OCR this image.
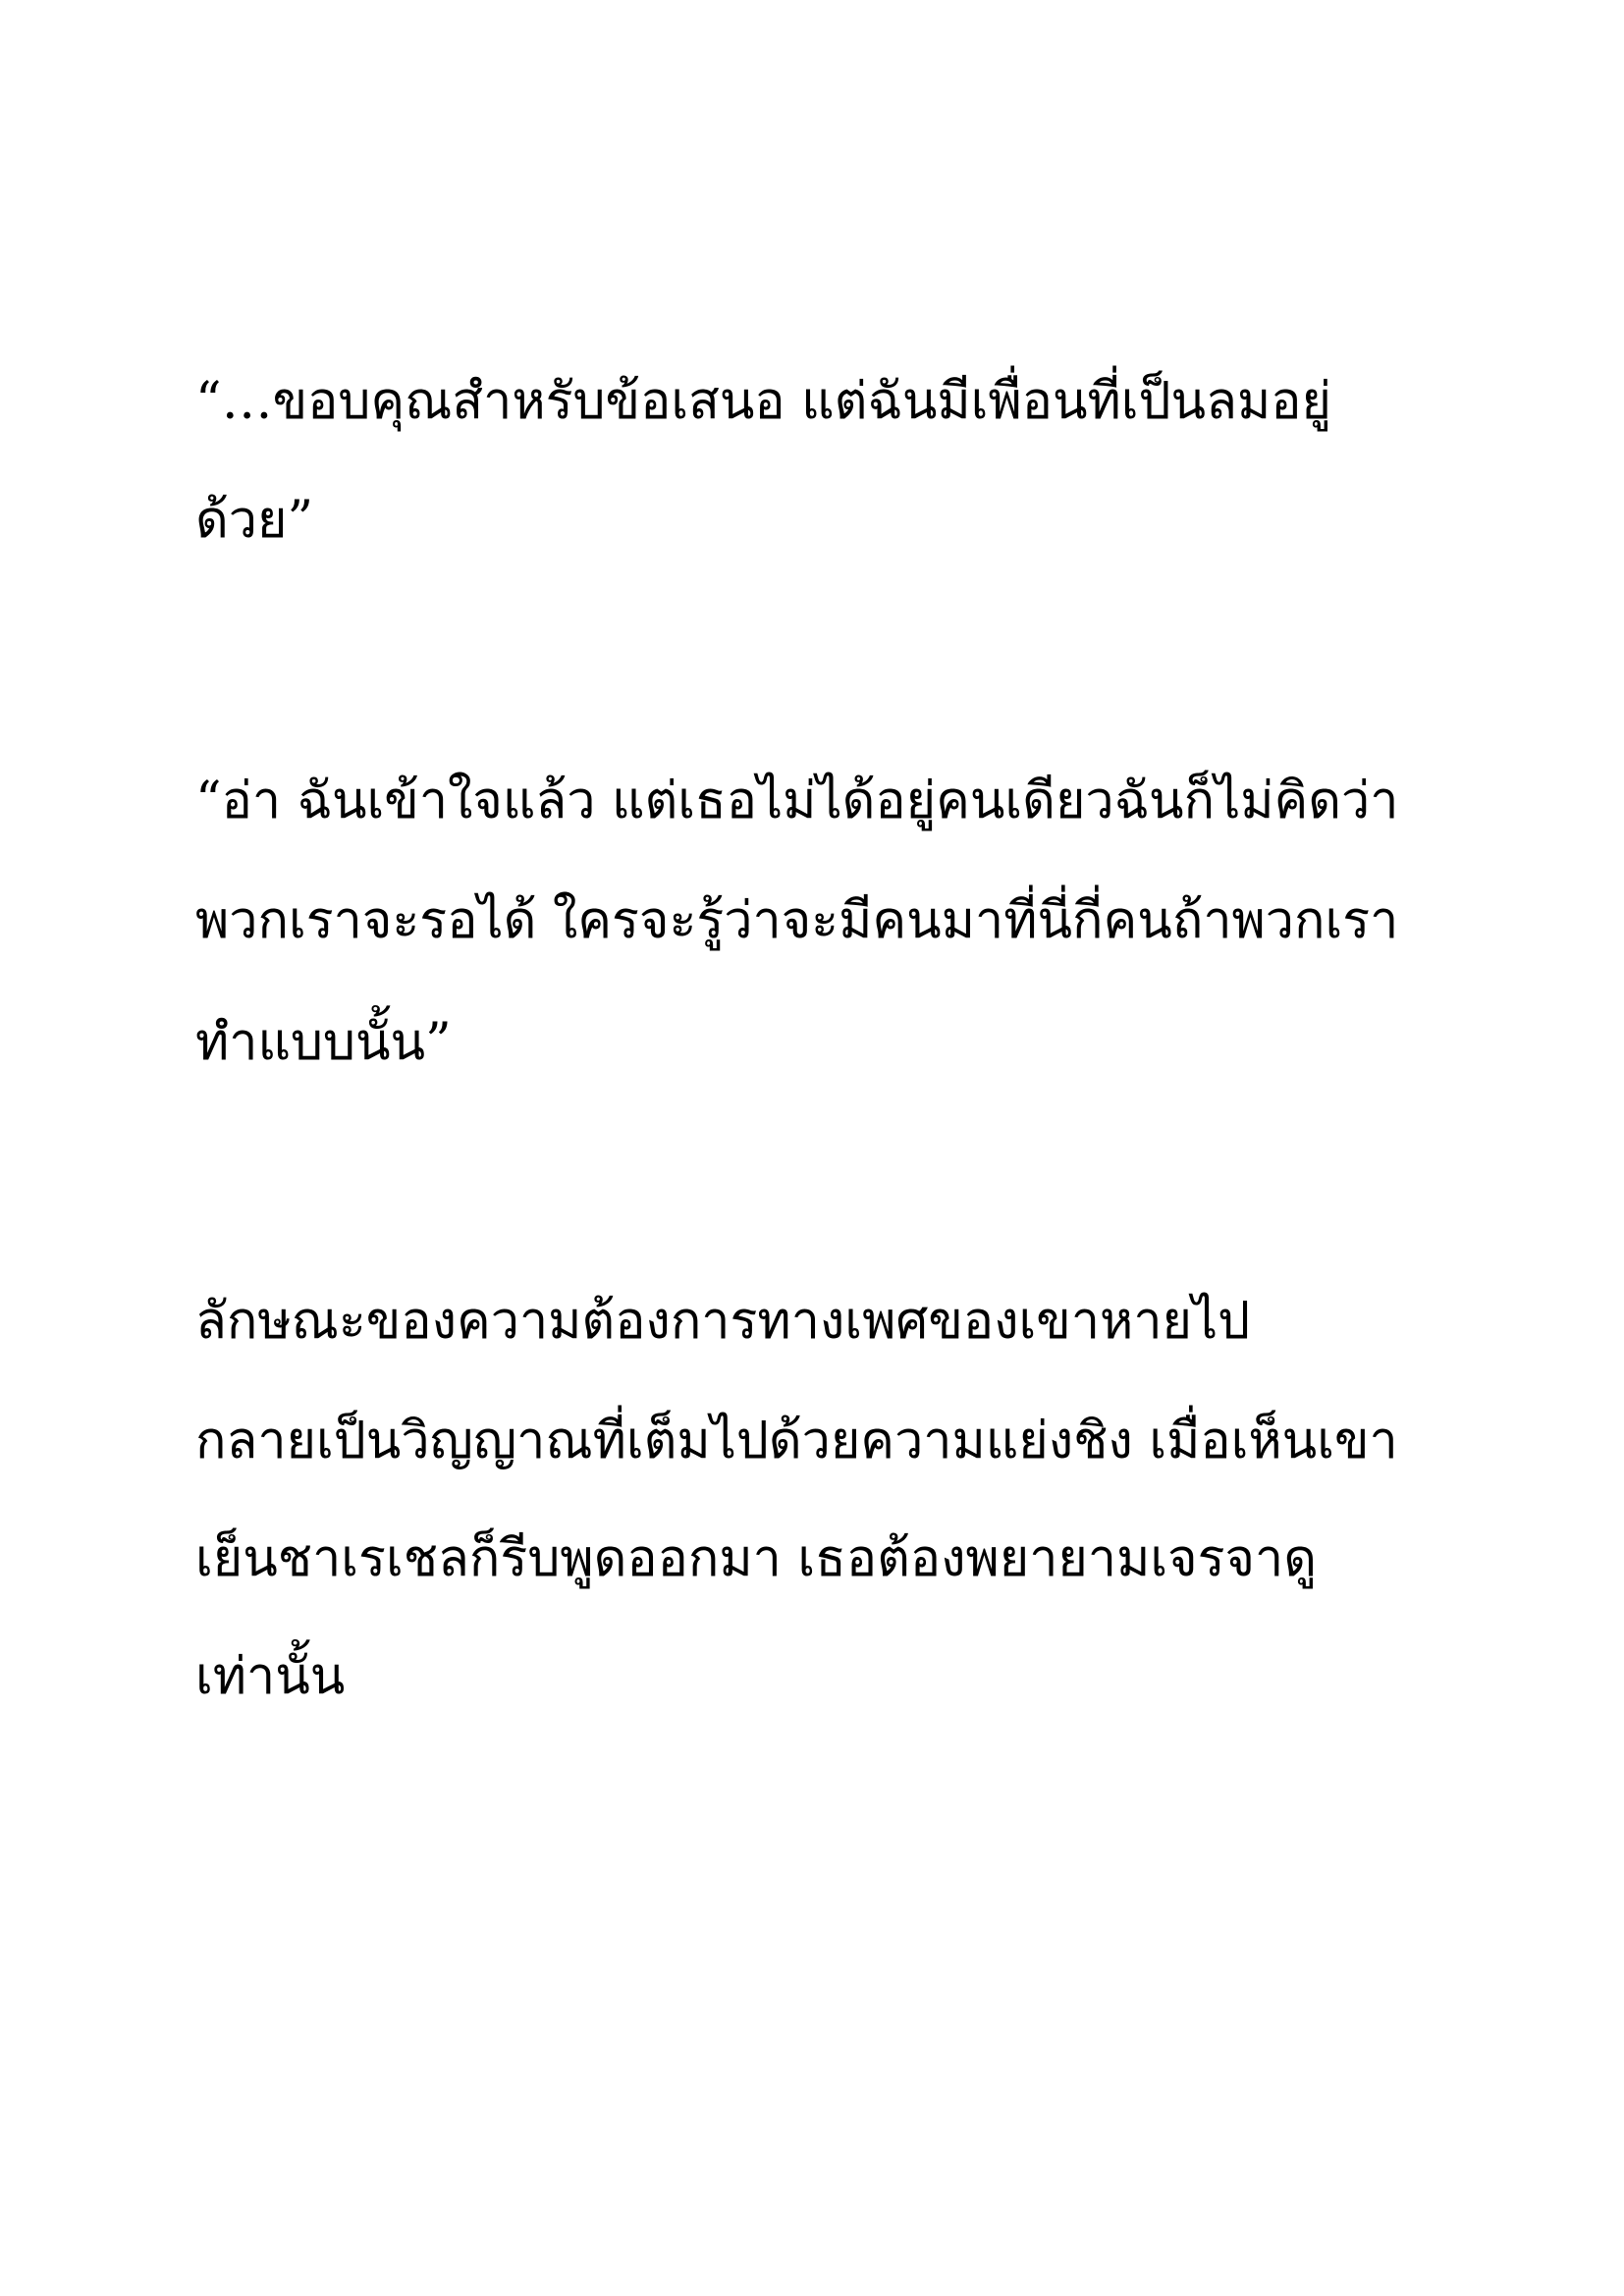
“…ขอบคุณสำหรับข้อเสนอ แต่ฉันมีเพื่อนที่เป็นลมอยู่
ด้วย”
“อ่า ฉันเข้าใจแล้ว แต่เธอไม่ได้อยู่คนเดียวฉันก็ไม่คิดว่า
พวกเราจะรอได้ ใครจะรู้ว่าจะมีคนมาที่นี่กี่คนถ้าพวกเรา
ทำแบบนั้น”
ลักษณะของความต้องการทางเพศของเขาหายไป
กลายเป็นวิญญาณที่เต็มไปด้วยความแย่งชิง เมื่อเห็นเขา
เย็นชาเรเชลก็รีบพูดออกมา เธอต้องพยายามเจรจาดู
เท่านั้น
